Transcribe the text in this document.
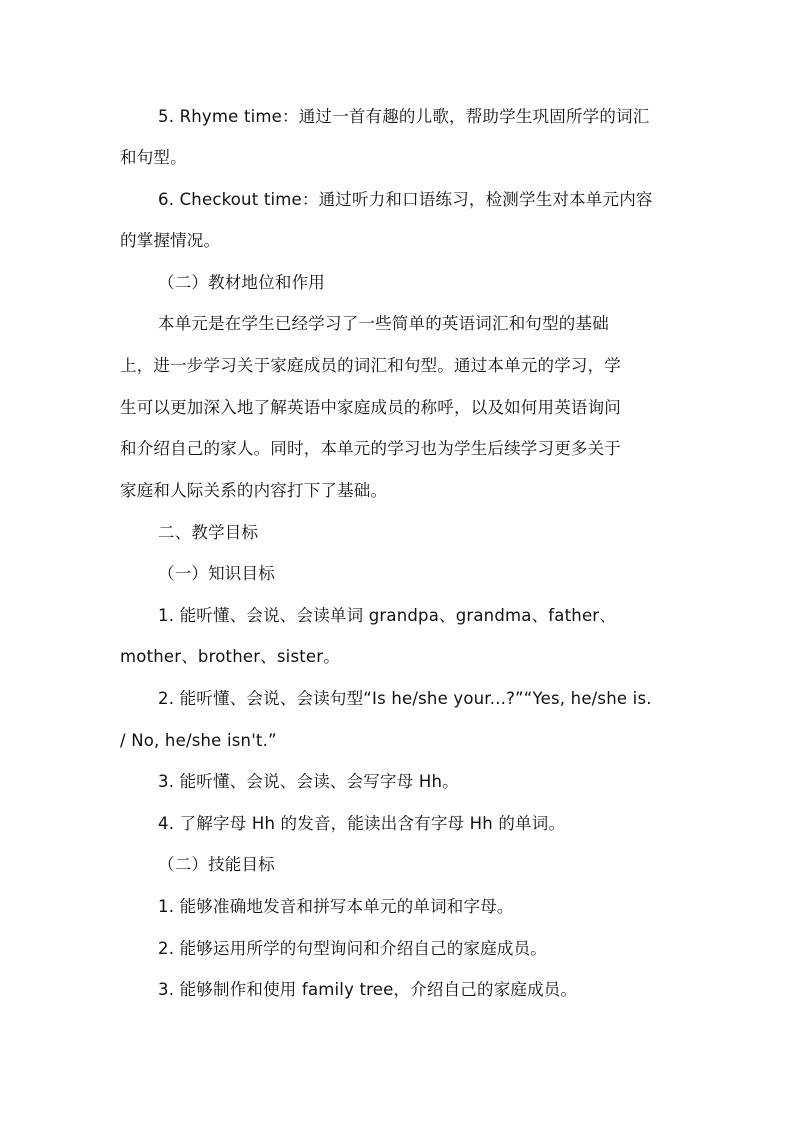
5. Rhyme time：通过一首有趣的儿歌，帮助学生巩固所学的词汇
和句型。
6. Checkout time：通过听力和口语练习，检测学生对本单元内容
的掌握情况。
（二）教材地位和作用
本单元是在学生已经学习了一些简单的英语词汇和句型的基础
上，进一步学习关于家庭成员的词汇和句型。通过本单元的学习，学
生可以更加深入地了解英语中家庭成员的称呼，以及如何用英语询问
和介绍自己的家人。同时，本单元的学习也为学生后续学习更多关于
家庭和人际关系的内容打下了基础。
二、教学目标
（一）知识目标
1. 能听懂、会说、会读单词 grandpa、grandma、father、
mother、brother、sister。
2. 能听懂、会说、会读句型“Is he/she your...?”“Yes, he/she is.
/ No, he/she isn't.”
3. 能听懂、会说、会读、会写字母 Hh。
4. 了解字母 Hh 的发音，能读出含有字母 Hh 的单词。
（二）技能目标
1. 能够准确地发音和拼写本单元的单词和字母。
2. 能够运用所学的句型询问和介绍自己的家庭成员。
3. 能够制作和使用 family tree，介绍自己的家庭成员。
